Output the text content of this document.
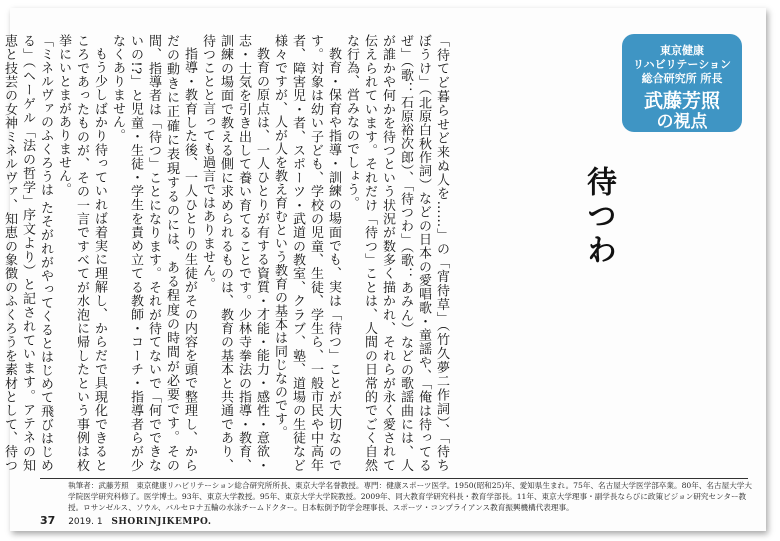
東京健康
リハビリテーション
総合研究所 所長
武藤芳照
の視点
待つわ

「待てど暮らせど来ぬ人を……」の「宵待草」（竹久夢二作詞）、「待ちぼうけ」（北原白秋作詞）などの日本の愛唱歌・童謡や、「俺は待ってるぜ」（歌：石原裕次郎）、「待つわ」（歌：あみん）などの歌謡曲には、人が誰かや何かを待つという状況が数多く描かれ、それらが永く愛されて伝えられています。それだけ「待つ」ことは、人間の日常的でごく自然な行為、営みなのでしょう。

教育・保育や指導・訓練の場面でも、実は「待つ」ことが大切なのです。対象は幼い子ども、学校の児童、生徒、学生ら、一般市民や中高年者、障害児・者、スポーツ・武道の教室、クラブ、塾、道場の生徒など様々ですが、人が人を教え育むという教育の基本は同じなのです。

教育の原点は、一人ひとりが有する資質・才能・能力・感性・意欲・志・士気を引き出して養い育てることです。少林寺拳法の指導・教育、訓練の場面で教える側に求められるものは、教育の基本と共通であり、待つことと言っても過言ではありません。

指導・教育した後、一人ひとりの生徒がその内容を頭で整理し、からだの動きに正確に表現するのには、ある程度の時間が必要です。その間、指導者は「待つ」ことになります。それが待てないで「何でできないの!?」と児童・生徒・学生を責め立てる教師・コーチ・指導者らが少なくありません。

もう少しばかり待っていれば着実に理解し、からだで具現化できるところであったものが、その一言ですべてが水泡に帰したという事例は枚挙にいとまがありません。

「ミネルヴァのふくろうは たそがれがやってくるとはじめて飛びはじめる」（ヘーゲル「法の哲学」序文より）と記されています。アテネの知恵と技芸の女神ミネルヴァ、知恵の象徴のふくろうを素材として、待つ

執筆者：武藤芳照　東京健康リハビリテーション総合研究所所長、東京大学名誉教授。専門：健康スポーツ医学。1950(昭和25)年、愛知県生まれ。75年、名古屋大学医学部卒業。80年、名古屋大学大学院医学研究科修了。医学博士。93年、東京大学教授。95年、東京大学大学院教授。2009年、同大教育学研究科長・教育学部長。11年、東京大学理事・副学長ならびに政策ビジョン研究センター教授。ロサンゼルス、ソウル、バルセロナ五輪の水泳チームドクター。日本転倒予防学会理事長、スポーツ・コンプライアンス教育振興機構代表理事。
37 2019. 1 SHORINJIKEMPO.
